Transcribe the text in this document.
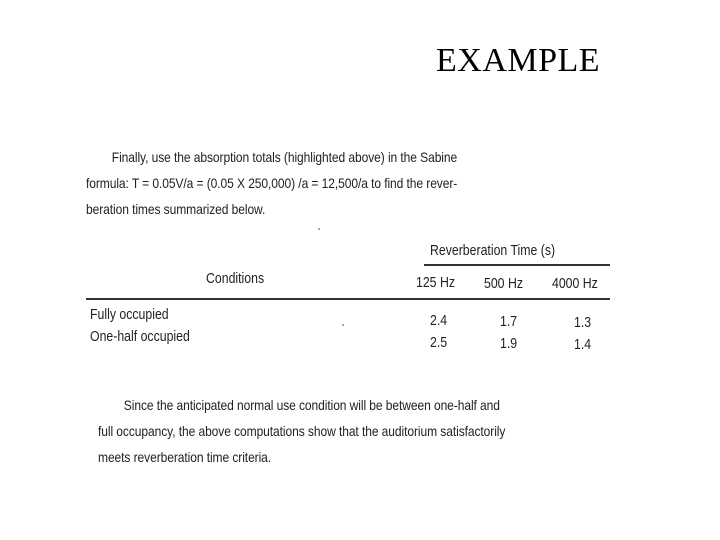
EXAMPLE
Finally, use the absorption totals (highlighted above) in the Sabine
formula: T = 0.05V/a = (0.05 X 250,000) /a = 12,500/a to find the rever-
beration times summarized below.
Reverberation Time (s)
Conditions	125 Hz 500 Hz 4000 Hz
Fully occupied	2.4	1.7	1.3
One-half occupied	2.5	1.9	1.4
Since the anticipated normal use condition will be between one-half and
full occupancy, the above computations show that the auditorium satisfactorily
meets reverberation time criteria.
